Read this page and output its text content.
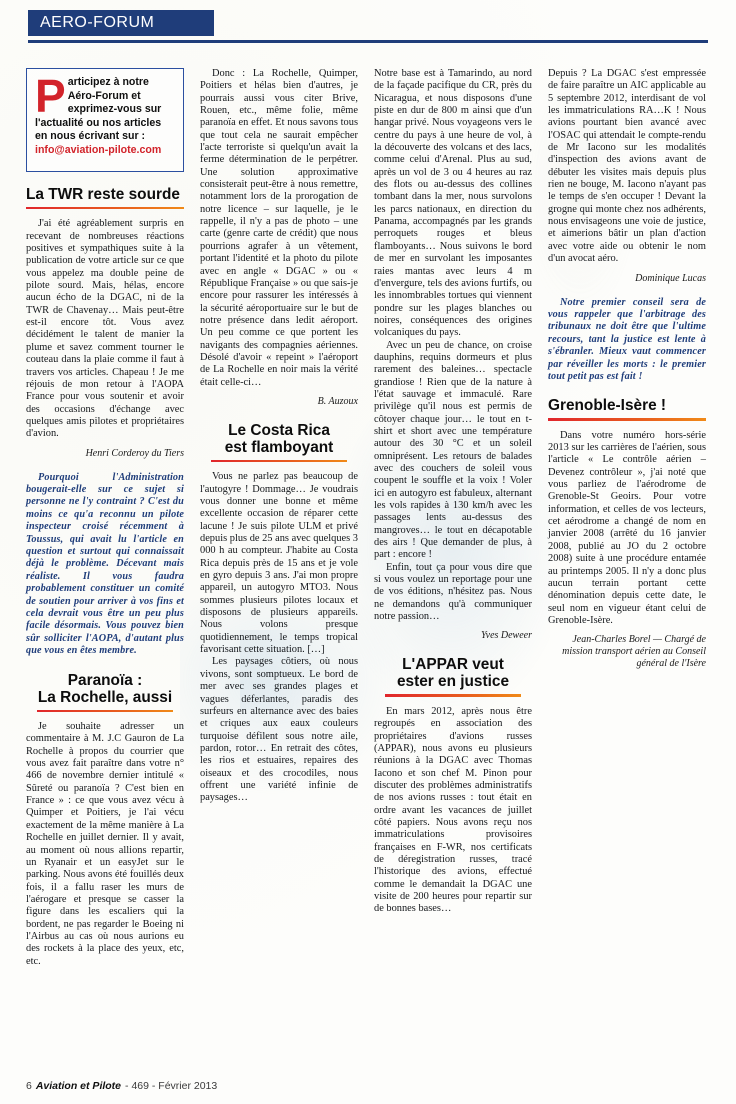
AERO-FORUM
P articipez à notre

Aéro-Forum et

exprimez-vous sur

l'actualité ou nos articles

en nous écrivant sur :

info@aviation-pilote.com

La TWR reste sourde

J'ai été agréablement surpris en recevant de nombreuses réactions positives et sympathiques suite à la publication de votre article sur ce que vous appelez ma double peine de pilote sourd. Mais, hélas, encore aucun écho de la DGAC, ni de la TWR de Chavenay… Mais peut-être est-il encore tôt. Vous avez décidément le talent de manier la plume et savez comment tourner le couteau dans la plaie comme il faut à travers vos articles. Chapeau ! Je me réjouis de mon retour à l'AOPA France pour vous soutenir et avoir des occasions d'échange avec quelques amis pilotes et propriétaires d'avion.

Henri Corderoy du Tiers

Pourquoi l'Administration bougerait-elle sur ce sujet si personne ne l'y contraint ? C'est du moins ce qu'a reconnu un pilote inspecteur croisé récemment à Toussus, qui avait lu l'article en question et surtout qui connaissait déjà le problème. Décevant mais réaliste. Il vous faudra probablement constituer un comité de soutien pour arriver à vos fins et cela devrait vous être un peu plus facile désormais. Vous pouvez bien sûr solliciter l'AOPA, d'autant plus que vous en êtes membre.

Paranoïa :
La Rochelle, aussi

Je souhaite adresser un commentaire à M. J.C Gauron de La Rochelle à propos du courrier que vous avez fait paraître dans votre n° 466 de novembre dernier intitulé « Sûreté ou paranoïa ? C'est bien en France » : ce que vous avez vécu à Quimper et Poitiers, je l'ai vécu exactement de la même manière à La Rochelle en juillet dernier. Il y avait, au moment où nous allions repartir, un Ryanair et un easyJet sur le parking. Nous avons été fouillés deux fois, il a fallu raser les murs de l'aérogare et presque se casser la figure dans les escaliers qui la bordent, ne pas regarder le Boeing ni l'Airbus au cas où nous aurions eu des rockets à la place des yeux, etc, etc.

Donc : La Rochelle, Quimper, Poitiers et hélas bien d'autres, je pourrais aussi vous citer Brive, Rouen, etc., même folie, même paranoïa en effet. Et nous savons tous que tout cela ne saurait empêcher l'acte terroriste si quelqu'un avait la ferme détermination de le perpétrer. Une solution approximative consisterait peut-être à nous remettre, notamment lors de la prorogation de notre licence – sur laquelle, je le rappelle, il n'y a pas de photo – une carte (genre carte de crédit) que nous pourrions agrafer à un vêtement, portant l'identité et la photo du pilote avec en angle « DGAC » ou « République Française » ou que sais-je encore pour rassurer les intéressés à la sécurité aéroportuaire sur le but de notre présence dans ledit aéroport. Un peu comme ce que portent les navigants des compagnies aériennes. Désolé d'avoir « repeint » l'aéroport de La Rochelle en noir mais la vérité était celle-ci…

B. Auzoux

Le Costa Rica
est flamboyant

Vous ne parlez pas beaucoup de l'autogyre ! Dommage… Je voudrais vous donner une bonne et même excellente occasion de réparer cette lacune ! Je suis pilote ULM et privé depuis plus de 25 ans avec quelques 3 000 h au compteur. J'habite au Costa Rica depuis près de 15 ans et je vole en gyro depuis 3 ans. J'ai mon propre appareil, un autogyro MTO3. Nous sommes plusieurs pilotes locaux et disposons de plusieurs appareils. Nous volons presque quotidiennement, le temps tropical favorisant cette situation. […]

Les paysages côtiers, où nous vivons, sont somptueux. Le bord de mer avec ses grandes plages et vagues déferlantes, paradis des surfeurs en alternance avec des baies et criques aux eaux couleurs turquoise défilent sous notre aile, pardon, rotor… En retrait des côtes, les rios et estuaires, repaires des oiseaux et des crocodiles, nous offrent une variété infinie de paysages…

Notre base est à Tamarindo, au nord de la façade pacifique du CR, près du Nicaragua, et nous disposons d'une piste en dur de 800 m ainsi que d'un hangar privé. Nous voyageons vers le centre du pays à une heure de vol, à la découverte des volcans et des lacs, comme celui d'Arenal. Plus au sud, après un vol de 3 ou 4 heures au raz des flots ou au-dessus des collines tombant dans la mer, nous survolons les parcs nationaux, en direction du Panama, accompagnés par les grands perroquets rouges et bleus flamboyants… Nous suivons le bord de mer en survolant les imposantes raies mantas avec leurs 4 m d'envergure, tels des avions furtifs, ou les innombrables tortues qui viennent pondre sur les plages blanches ou noires, conséquences des origines volcaniques du pays.

Avec un peu de chance, on croise dauphins, requins dormeurs et plus rarement des baleines… spectacle grandiose ! Rien que de la nature à l'état sauvage et immaculé. Rare privilège qu'il nous est permis de côtoyer chaque jour… le tout en t-shirt et short avec une température autour des 30 °C et un soleil omniprésent. Les retours de balades avec des couchers de soleil vous coupent le souffle et la voix ! Voler ici en autogyro est fabuleux, alternant les vols rapides à 130 km/h avec les passages lents au-dessus des mangroves… le tout en décapotable des airs ! Que demander de plus, à part : encore !

Enfin, tout ça pour vous dire que si vous voulez un reportage pour une de vos éditions, n'hésitez pas. Nous ne demandons qu'à communiquer notre passion…

Yves Deweer

L'APPAR veut
ester en justice

En mars 2012, après nous être regroupés en association des propriétaires d'avions russes (APPAR), nous avons eu plusieurs réunions à la DGAC avec Thomas Iacono et son chef M. Pinon pour discuter des problèmes administratifs de nos avions russes : tout était en ordre avant les vacances de juillet côté papiers. Nous avons reçu nos immatriculations provisoires françaises en F-WR, nos certificats de déregistration russes, tracé l'historique des avions, effectué comme le demandait la DGAC une visite de 200 heures pour repartir sur de bonnes bases…

Depuis ? La DGAC s'est empressée de faire paraître un AIC applicable au 5 septembre 2012, interdisant de vol les immatriculations RA…K ! Nous avions pourtant bien avancé avec l'OSAC qui attendait le compte-rendu de Mr Iacono sur les modalités d'inspection des avions avant de débuter les visites mais depuis plus rien ne bouge, M. Iacono n'ayant pas le temps de s'en occuper ! Devant la grogne qui monte chez nos adhérents, nous envisageons une voie de justice, et aimerions bâtir un plan d'action avec votre aide ou obtenir le nom d'un avocat aéro.

Dominique Lucas

Notre premier conseil sera de vous rappeler que l'arbitrage des tribunaux ne doit être que l'ultime recours, tant la justice est lente à s'ébranler. Mieux vaut commencer par réveiller les morts : le premier tout petit pas est fait !

Grenoble-Isère !

Dans votre numéro hors-série 2013 sur les carrières de l'aérien, sous l'article « Le contrôle aérien – Devenez contrôleur », j'ai noté que vous parliez de l'aérodrome de Grenoble-St Geoirs. Pour votre information, et celles de vos lecteurs, cet aérodrome a changé de nom en janvier 2008 (arrêté du 16 janvier 2008, publié au JO du 2 octobre 2008) suite à une procédure entamée au printemps 2005. Il n'y a donc plus aucun terrain portant cette dénomination depuis cette date, le seul nom en vigueur étant celui de Grenoble-Isère.

Jean-Charles Borel — Chargé de mission transport aérien au Conseil général de l'Isère

6 Aviation et Pilote - 469 - Février 2013
